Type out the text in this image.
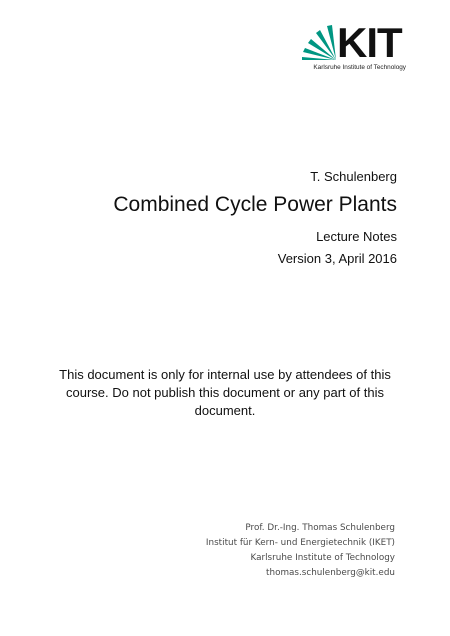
KIT
Karlsruhe Institute of Technology
T. Schulenberg
Combined Cycle Power Plants
Lecture Notes
Version 3, April 2016
This document is only for internal use by attendees of this course. Do not publish this document or any part of this document.
Prof. Dr.-Ing. Thomas Schulenberg
Institut für Kern- und Energietechnik (IKET)
Karlsruhe Institute of Technology
thomas.schulenberg@kit.edu
